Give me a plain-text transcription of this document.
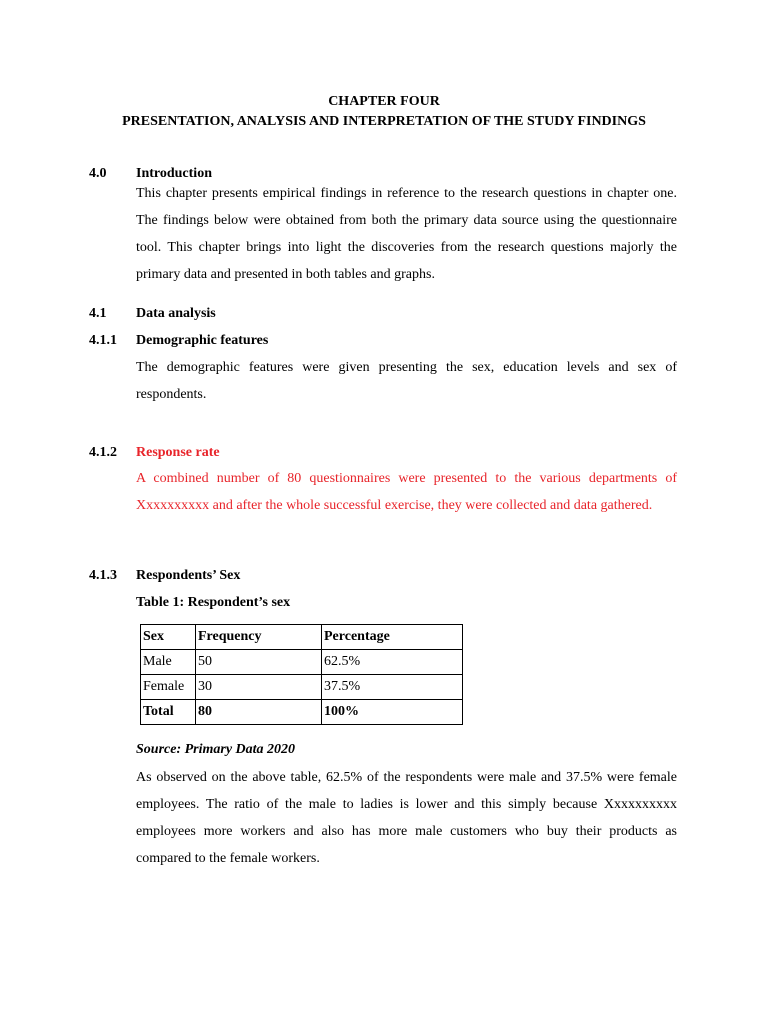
CHAPTER FOUR
PRESENTATION, ANALYSIS AND INTERPRETATION OF THE STUDY FINDINGS
4.0 Introduction

This chapter presents empirical findings in reference to the research questions in chapter one. The findings below were obtained from both the primary data source using the questionnaire tool. This chapter brings into light the discoveries from the research questions majorly the primary data and presented in both tables and graphs.

4.1 Data analysis
4.1.1 Demographic features

The demographic features were given presenting the sex, education levels and sex of respondents.

4.1.2 Response rate

A combined number of 80 questionnaires were presented to the various departments of Xxxxxxxxxx and after the whole successful exercise, they were collected and data gathered.

4.1.3 Respondents’ Sex
Table 1: Respondent’s sex
Sex	Frequency	Percentage
Male	50	62.5%
Female	30	37.5%
Total	80	100%
Source: Primary Data 2020

As observed on the above table, 62.5% of the respondents were male and 37.5% were female employees. The ratio of the male to ladies is lower and this simply because Xxxxxxxxxx employees more workers and also has more male customers who buy their products as compared to the female workers.
